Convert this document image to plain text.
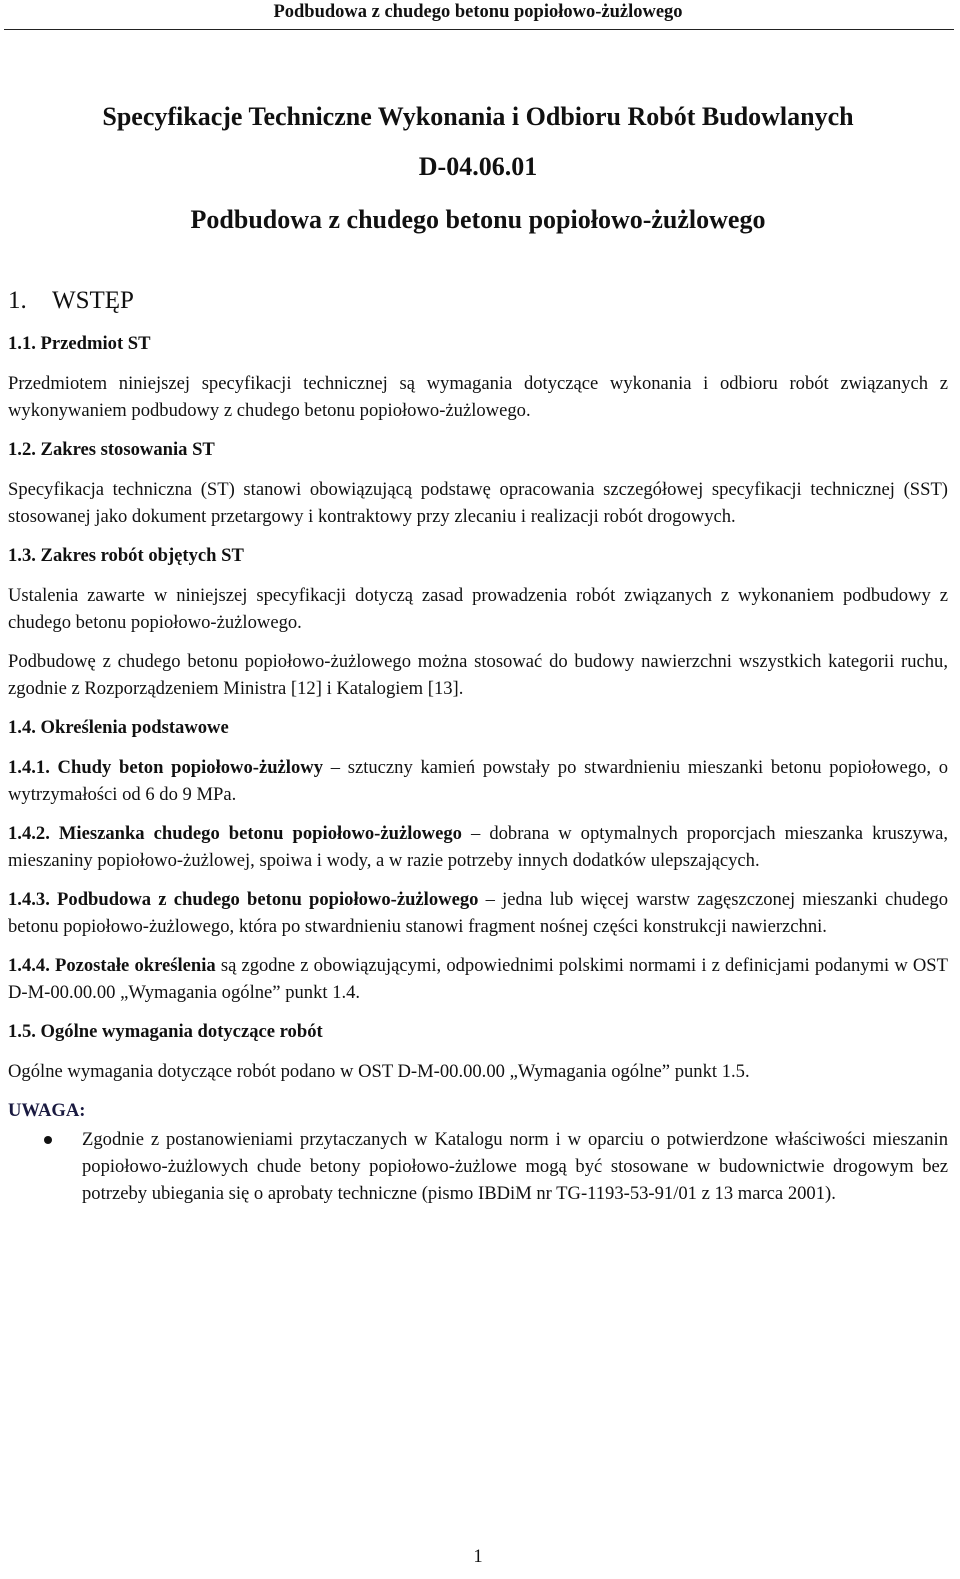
Podbudowa z chudego betonu popiołowo-żużlowego
Specyfikacje Techniczne Wykonania i Odbioru Robót Budowlanych
D-04.06.01
Podbudowa z chudego betonu popiołowo-żużlowego
1. WSTĘP
1.1. Przedmiot ST

Przedmiotem niniejszej specyfikacji technicznej są wymagania dotyczące wykonania i odbioru robót związanych z wykonywaniem podbudowy z chudego betonu popiołowo-żużlowego.

1.2. Zakres stosowania ST

Specyfikacja techniczna (ST) stanowi obowiązującą podstawę opracowania szczegółowej specyfikacji technicznej (SST) stosowanej jako dokument przetargowy i kontraktowy przy zlecaniu i realizacji robót drogowych.

1.3. Zakres robót objętych ST

Ustalenia zawarte w niniejszej specyfikacji dotyczą zasad prowadzenia robót związanych z wykonaniem podbudowy z chudego betonu popiołowo-żużlowego.

Podbudowę z chudego betonu popiołowo-żużlowego można stosować do budowy nawierzchni wszystkich kategorii ruchu, zgodnie z Rozporządzeniem Ministra [12] i Katalogiem [13].

1.4. Określenia podstawowe

1.4.1. Chudy beton popiołowo-żużlowy – sztuczny kamień powstały po stwardnieniu mieszanki betonu popiołowego, o wytrzymałości od 6 do 9 MPa.

1.4.2. Mieszanka chudego betonu popiołowo-żużlowego – dobrana w optymalnych proporcjach mieszanka kruszywa, mieszaniny popiołowo-żużlowej, spoiwa i wody, a w razie potrzeby innych dodatków ulepszających.

1.4.3. Podbudowa z chudego betonu popiołowo-żużlowego – jedna lub więcej warstw zagęszczonej mieszanki chudego betonu popiołowo-żużlowego, która po stwardnieniu stanowi fragment nośnej części konstrukcji nawierzchni.

1.4.4. Pozostałe określenia są zgodne z obowiązującymi, odpowiednimi polskimi normami i z definicjami podanymi w OST D-M-00.00.00 „Wymagania ogólne” punkt 1.4.

1.5. Ogólne wymagania dotyczące robót

Ogólne wymagania dotyczące robót podano w OST D-M-00.00.00 „Wymagania ogólne” punkt 1.5.

UWAGA:
Zgodnie z postanowieniami przytaczanych w Katalogu norm i w oparciu o potwierdzone właściwości mieszanin popiołowo-żużlowych chude betony popiołowo-żużlowe mogą być stosowane w budownictwie drogowym bez potrzeby ubiegania się o aprobaty techniczne (pismo IBDiM nr TG-1193-53-91/01 z 13 marca 2001).
1
